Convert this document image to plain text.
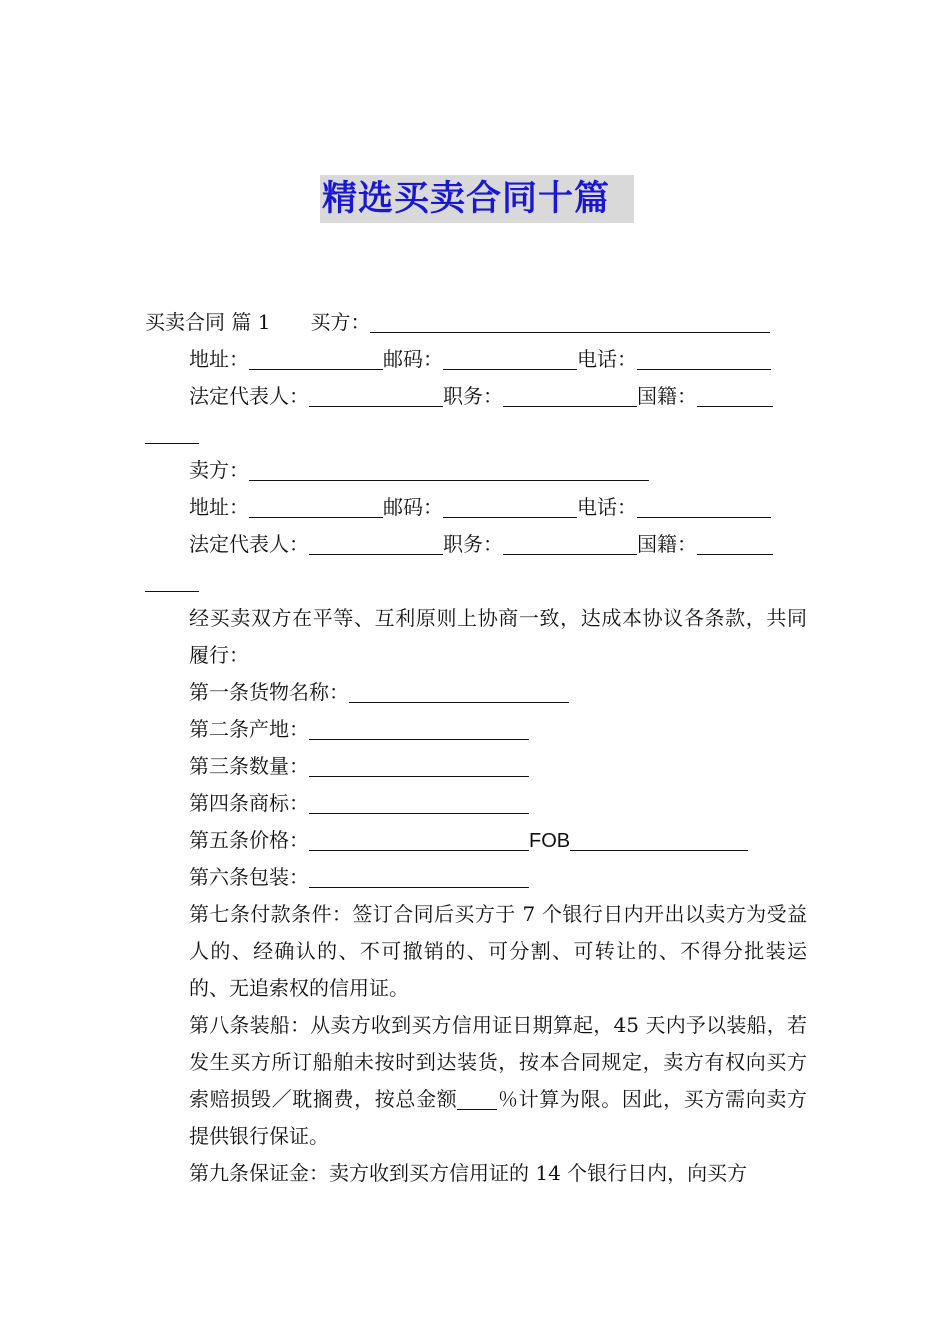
精选买卖合同十篇

买卖合同 篇 1 买方：

地址：	邮码：	电话：

法定代表人：	职务：	国籍：

卖方：

地址：	邮码：	电话：

法定代表人：	职务：	国籍：

经买卖双方在平等、互利原则上协商一致，达成本协议各条款，共同履行：

第一条货物名称：

第二条产地：

第三条数量：

第四条商标：

第五条价格：	FOB

第六条包装：

第七条付款条件：签订合同后买方于 7 个银行日内开出以卖方为受益人的、经确认的、不可撤销的、可分割、可转让的、不得分批装运的、无追索权的信用证。

第八条装船：从卖方收到买方信用证日期算起，45 天内予以装船，若发生买方所订船舶未按时到达装货，按本合同规定，卖方有权向买方索赔损毁／耽搁费，按总金额 ％计算为限。因此，买方需向卖方提供银行保证。

第九条保证金：卖方收到买方信用证的 14 个银行日内，向买方
